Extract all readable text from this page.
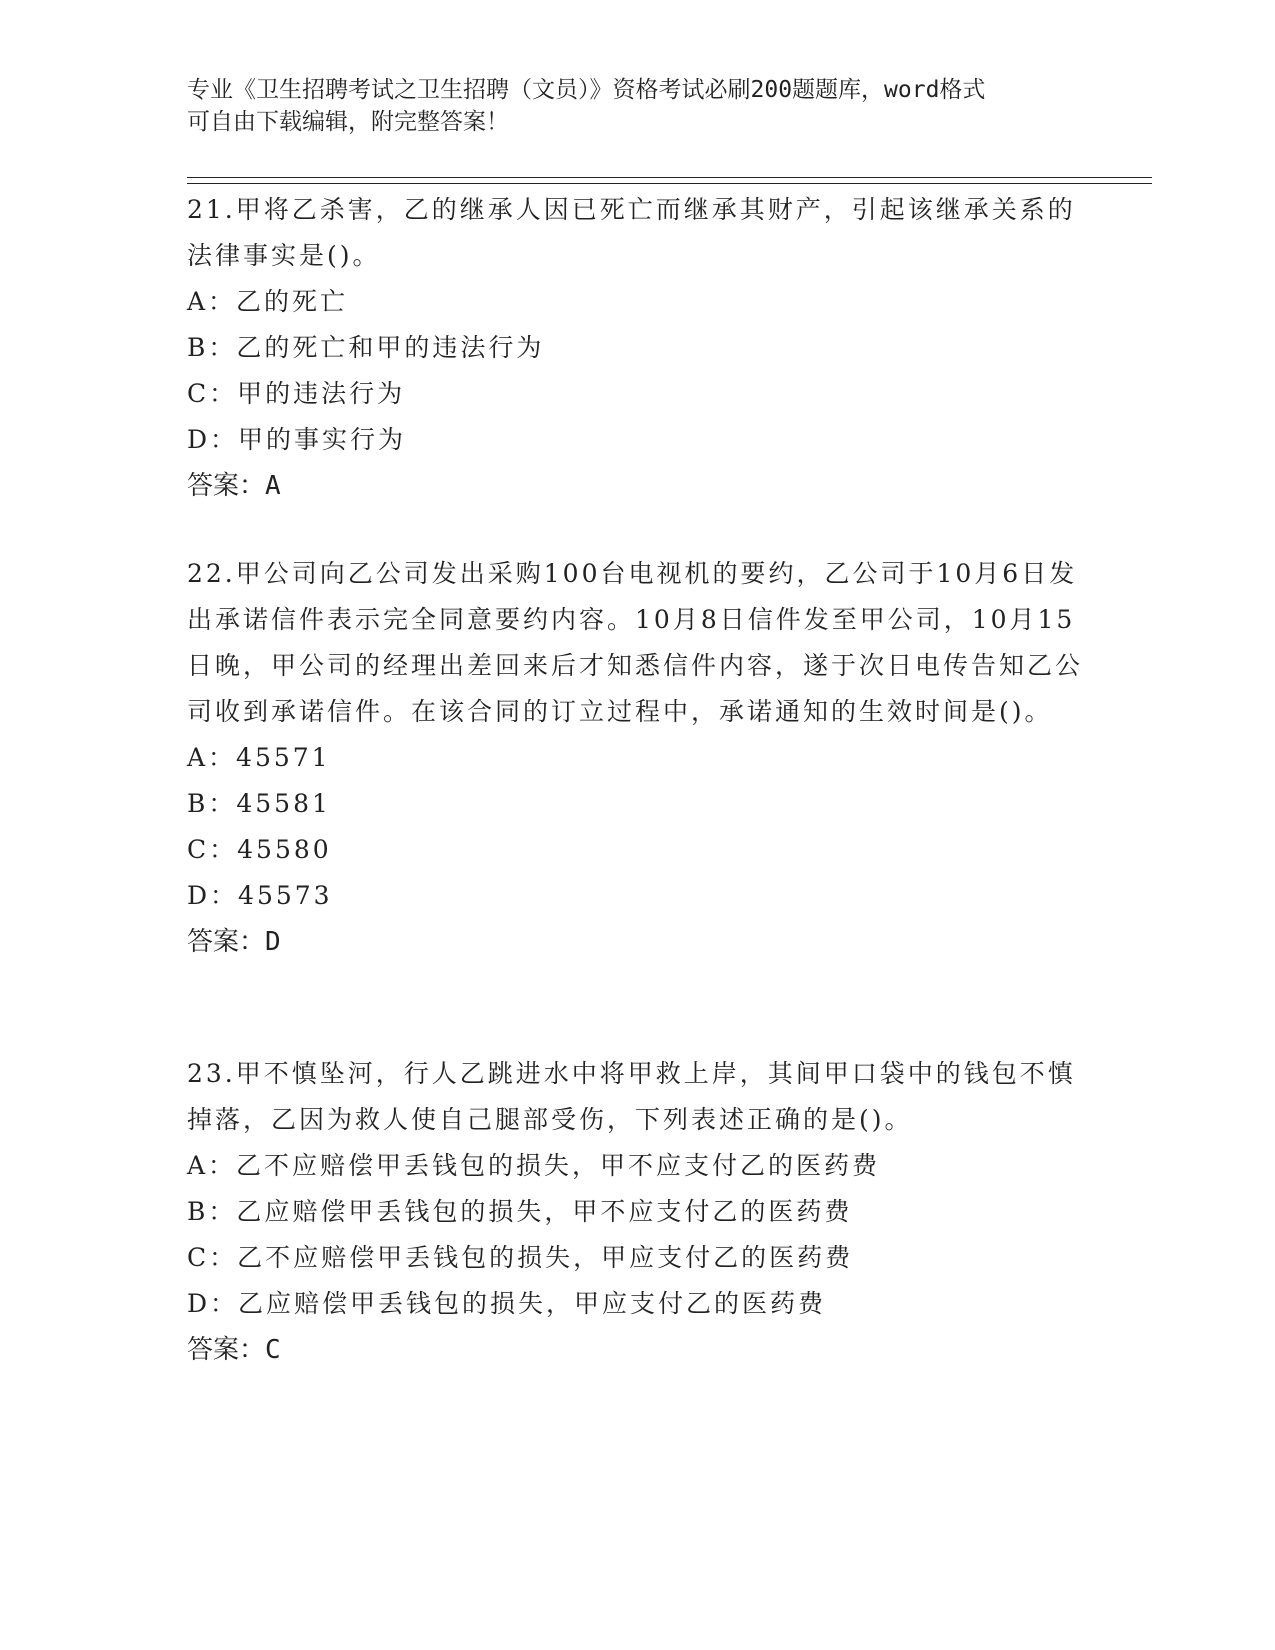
专业《卫生招聘考试之卫生招聘（文员）》资格考试必刷200题题库，word格式
可自由下载编辑，附完整答案！

21.甲将乙杀害，乙的继承人因已死亡而继承其财产，引起该继承关系的法律事实是()。

A：乙的死亡

B：乙的死亡和甲的违法行为

C：甲的违法行为

D：甲的事实行为

答案：A

22.甲公司向乙公司发出采购100台电视机的要约，乙公司于10月6日发出承诺信件表示完全同意要约内容。10月8日信件发至甲公司，10月15日晚，甲公司的经理出差回来后才知悉信件内容，遂于次日电传告知乙公司收到承诺信件。在该合同的订立过程中，承诺通知的生效时间是()。

A：45571

B：45581

C：45580

D：45573

答案：D

23.甲不慎坠河，行人乙跳进水中将甲救上岸，其间甲口袋中的钱包不慎掉落，乙因为救人使自己腿部受伤，下列表述正确的是()。

A：乙不应赔偿甲丢钱包的损失，甲不应支付乙的医药费

B：乙应赔偿甲丢钱包的损失，甲不应支付乙的医药费

C：乙不应赔偿甲丢钱包的损失，甲应支付乙的医药费

D：乙应赔偿甲丢钱包的损失，甲应支付乙的医药费

答案：C
